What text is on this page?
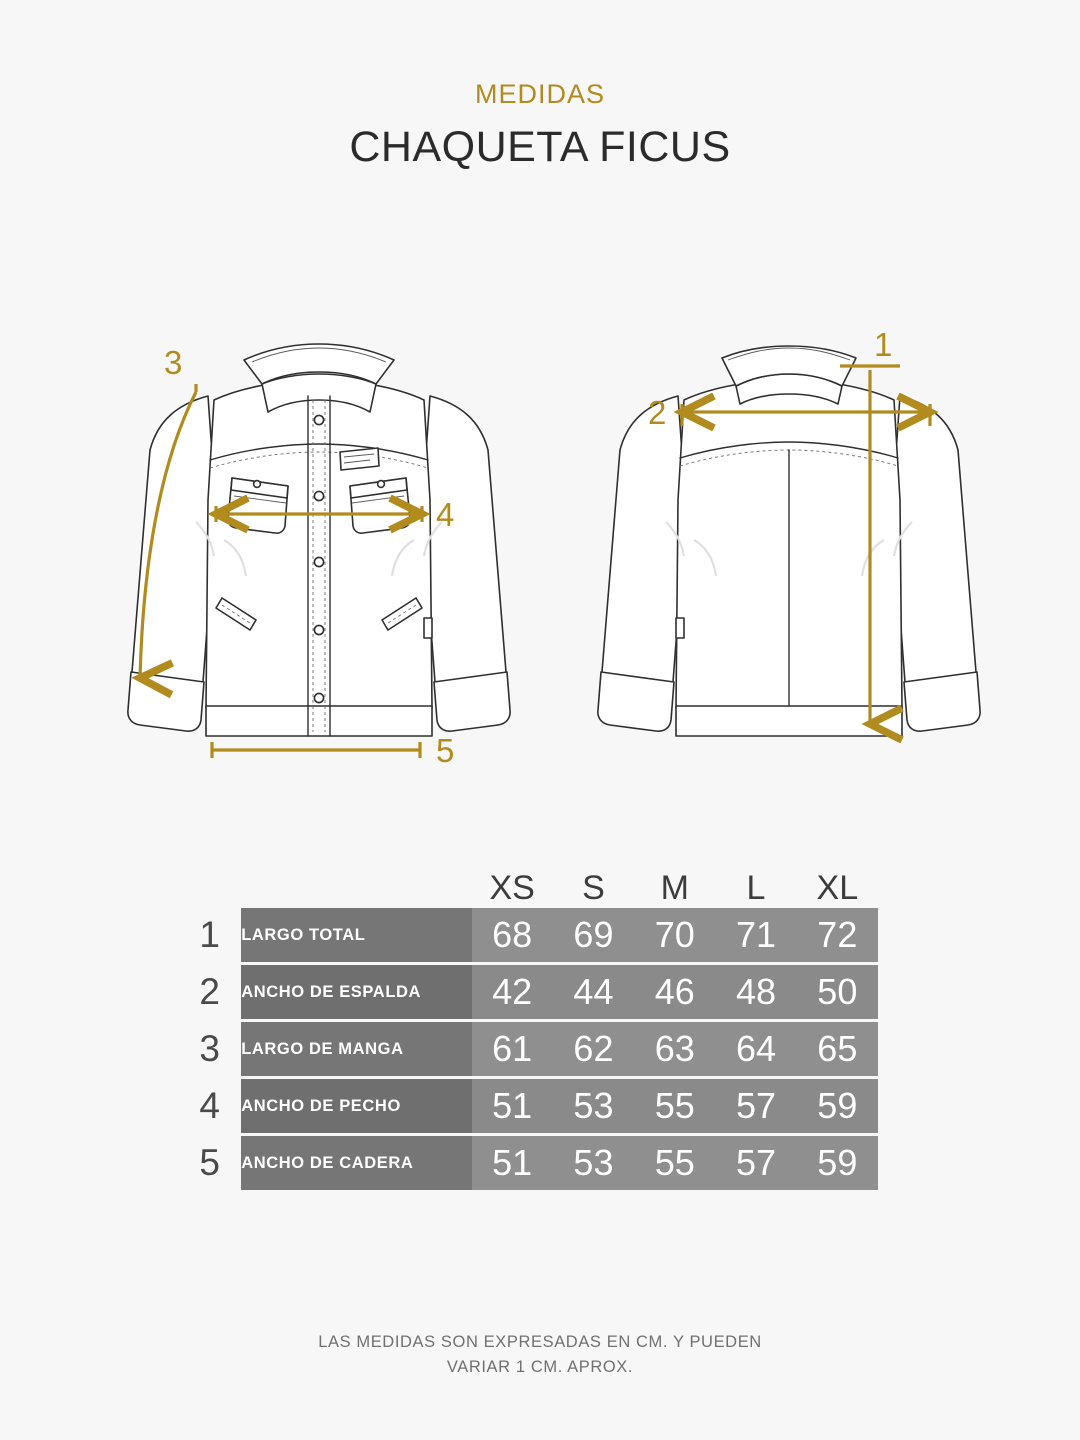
MEDIDAS
CHAQUETA FICUS
3
4
5
1
2
		XS	S	M	L	XL
1	LARGO TOTAL	68	69	70	71	72

2	ANCHO DE ESPALDA	42	44	46	48	50

3	LARGO DE MANGA	61	62	63	64	65

4	ANCHO DE PECHO	51	53	55	57	59

5	ANCHO DE CADERA	51	53	55	57	59
LAS MEDIDAS SON EXPRESADAS EN CM. Y PUEDEN
VARIAR 1 CM. APROX.
